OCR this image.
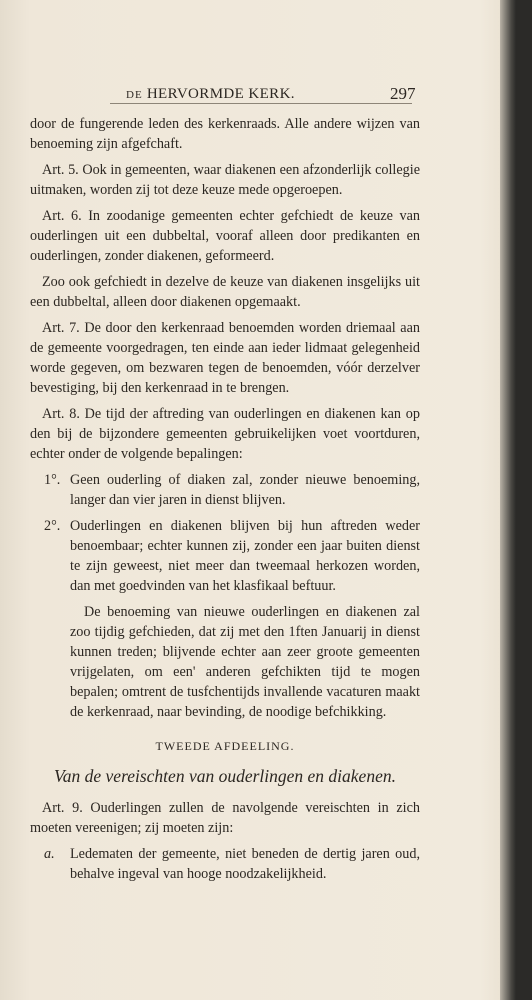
DE HERVORMDE KERK.	297

door de fungerende leden des kerkenraads. Alle andere wijzen van benoeming zijn afgefchaft.

Art. 5. Ook in gemeenten, waar diakenen een afzonderlijk collegie uitmaken, worden zij tot deze keuze mede opgeroepen.

Art. 6. In zoodanige gemeenten echter gefchiedt de keuze van ouderlingen uit een dubbeltal, vooraf alleen door predikanten en ouderlingen, zonder diakenen, geformeerd.

Zoo ook gefchiedt in dezelve de keuze van diakenen insgelijks uit een dubbeltal, alleen door diakenen opgemaakt.

Art. 7. De door den kerkenraad benoemden worden driemaal aan de gemeente voorgedragen, ten einde aan ieder lidmaat gelegenheid worde gegeven, om bezwaren tegen de benoemden, vóór derzelver bevestiging, bij den kerkenraad in te brengen.

Art. 8. De tijd der aftreding van ouderlingen en diakenen kan op den bij de bijzondere gemeenten gebruikelijken voet voortduren, echter onder de volgende bepalingen:

1°. Geen ouderling of diaken zal, zonder nieuwe benoeming, langer dan vier jaren in dienst blijven.
2°. Ouderlingen en diakenen blijven bij hun aftreden weder benoembaar; echter kunnen zij, zonder een jaar buiten dienst te zijn geweest, niet meer dan tweemaal herkozen worden, dan met goedvinden van het klasfikaal beftuur.

De benoeming van nieuwe ouderlingen en diakenen zal zoo tijdig gefchieden, dat zij met den 1ften Januarij in dienst kunnen treden; blijvende echter aan zeer groote gemeenten vrijgelaten, om een' anderen gefchikten tijd te mogen bepalen; omtrent de tusfchentijds invallende vacaturen maakt de kerkenraad, naar bevinding, de noodige befchikking.

TWEEDE AFDEELING.
Van de vereischten van ouderlingen en diakenen.

Art. 9. Ouderlingen zullen de navolgende vereischten in zich moeten vereenigen; zij moeten zijn:

a.	Ledematen der gemeente, niet beneden de dertig jaren oud, behalve ingeval van hooge noodzakelijkheid.
